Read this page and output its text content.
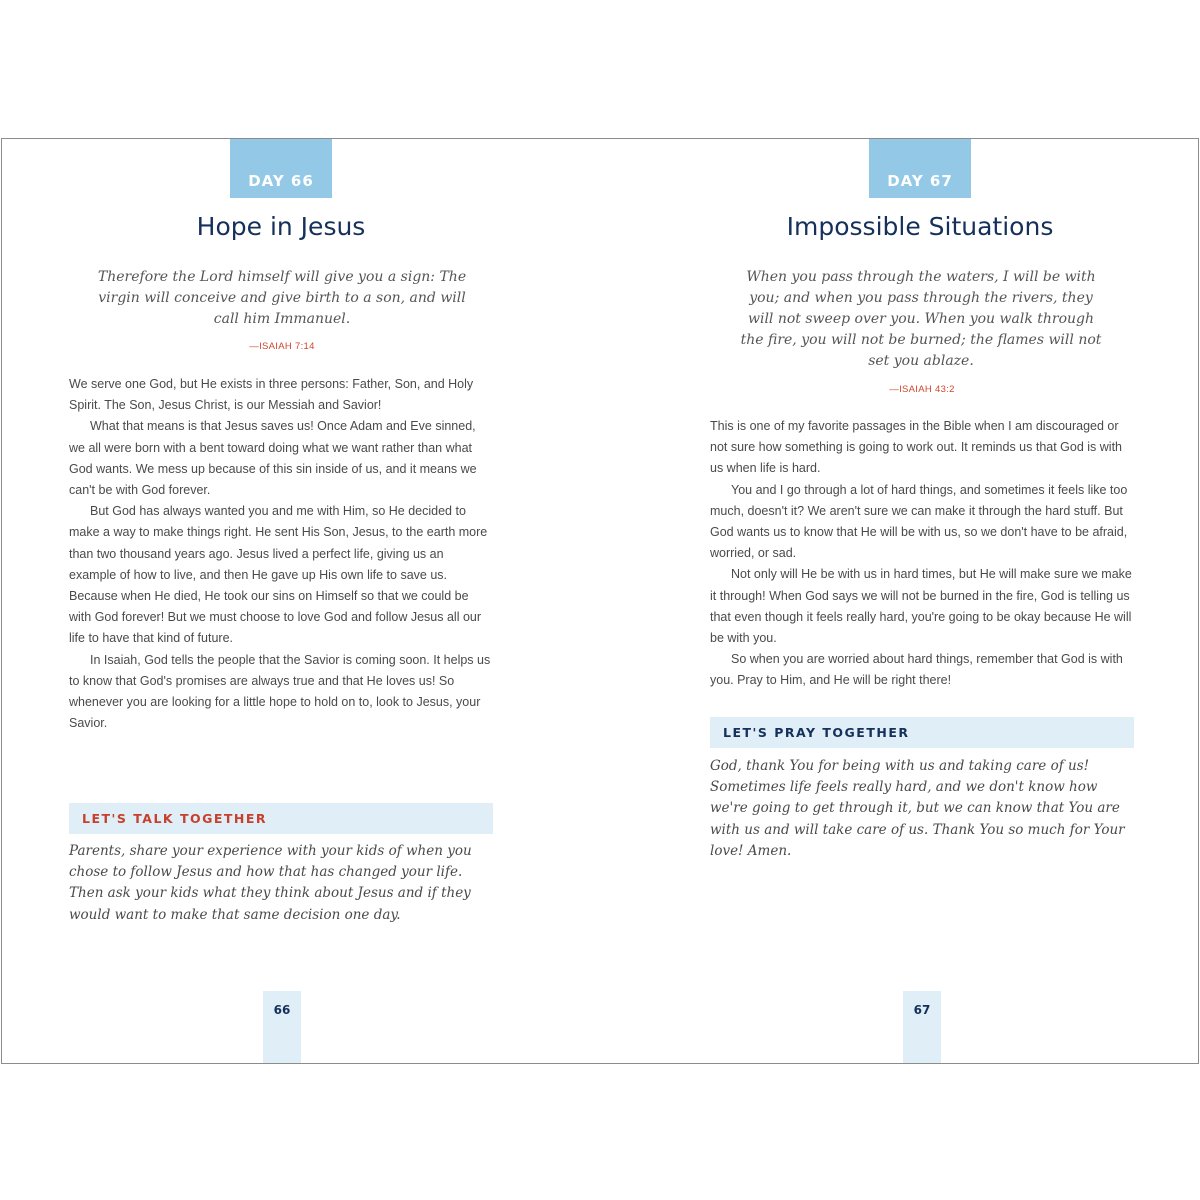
DAY 66
Hope in Jesus
Therefore the Lord himself will give you a sign: The
virgin will conceive and give birth to a son, and will
call him Immanuel.
—ISAIAH 7:14

We serve one God, but He exists in three persons: Father, Son, and Holy Spirit. The Son, Jesus Christ, is our Messiah and Savior!

What that means is that Jesus saves us! Once Adam and Eve sinned, we all were born with a bent toward doing what we want rather than what God wants. We mess up because of this sin inside of us, and it means we can't be with God forever.

But God has always wanted you and me with Him, so He decided to make a way to make things right. He sent His Son, Jesus, to the earth more than two thousand years ago. Jesus lived a perfect life, giving us an example of how to live, and then He gave up His own life to save us. Because when He died, He took our sins on Himself so that we could be with God forever! But we must choose to love God and follow Jesus all our life to have that kind of future.

In Isaiah, God tells the people that the Savior is coming soon. It helps us to know that God's promises are always true and that He loves us! So whenever you are looking for a little hope to hold on to, look to Jesus, your Savior.

LET'S TALK TOGETHER

Parents, share your experience with your kids of when you chose to follow Jesus and how that has changed your life. Then ask your kids what they think about Jesus and if they would want to make that same decision one day.

66
DAY 67
Impossible Situations
When you pass through the waters, I will be with
you; and when you pass through the rivers, they
will not sweep over you. When you walk through
the fire, you will not be burned; the flames will not
set you ablaze.
—ISAIAH 43:2

This is one of my favorite passages in the Bible when I am discouraged or not sure how something is going to work out. It reminds us that God is with us when life is hard.

You and I go through a lot of hard things, and sometimes it feels like too much, doesn't it? We aren't sure we can make it through the hard stuff. But God wants us to know that He will be with us, so we don't have to be afraid, worried, or sad.

Not only will He be with us in hard times, but He will make sure we make it through! When God says we will not be burned in the fire, God is telling us that even though it feels really hard, you're going to be okay because He will be with you.

So when you are worried about hard things, remember that God is with you. Pray to Him, and He will be right there!

LET'S PRAY TOGETHER

God, thank You for being with us and taking care of us! Sometimes life feels really hard, and we don't know how we're going to get through it, but we can know that You are with us and will take care of us. Thank You so much for Your love! Amen.

67
